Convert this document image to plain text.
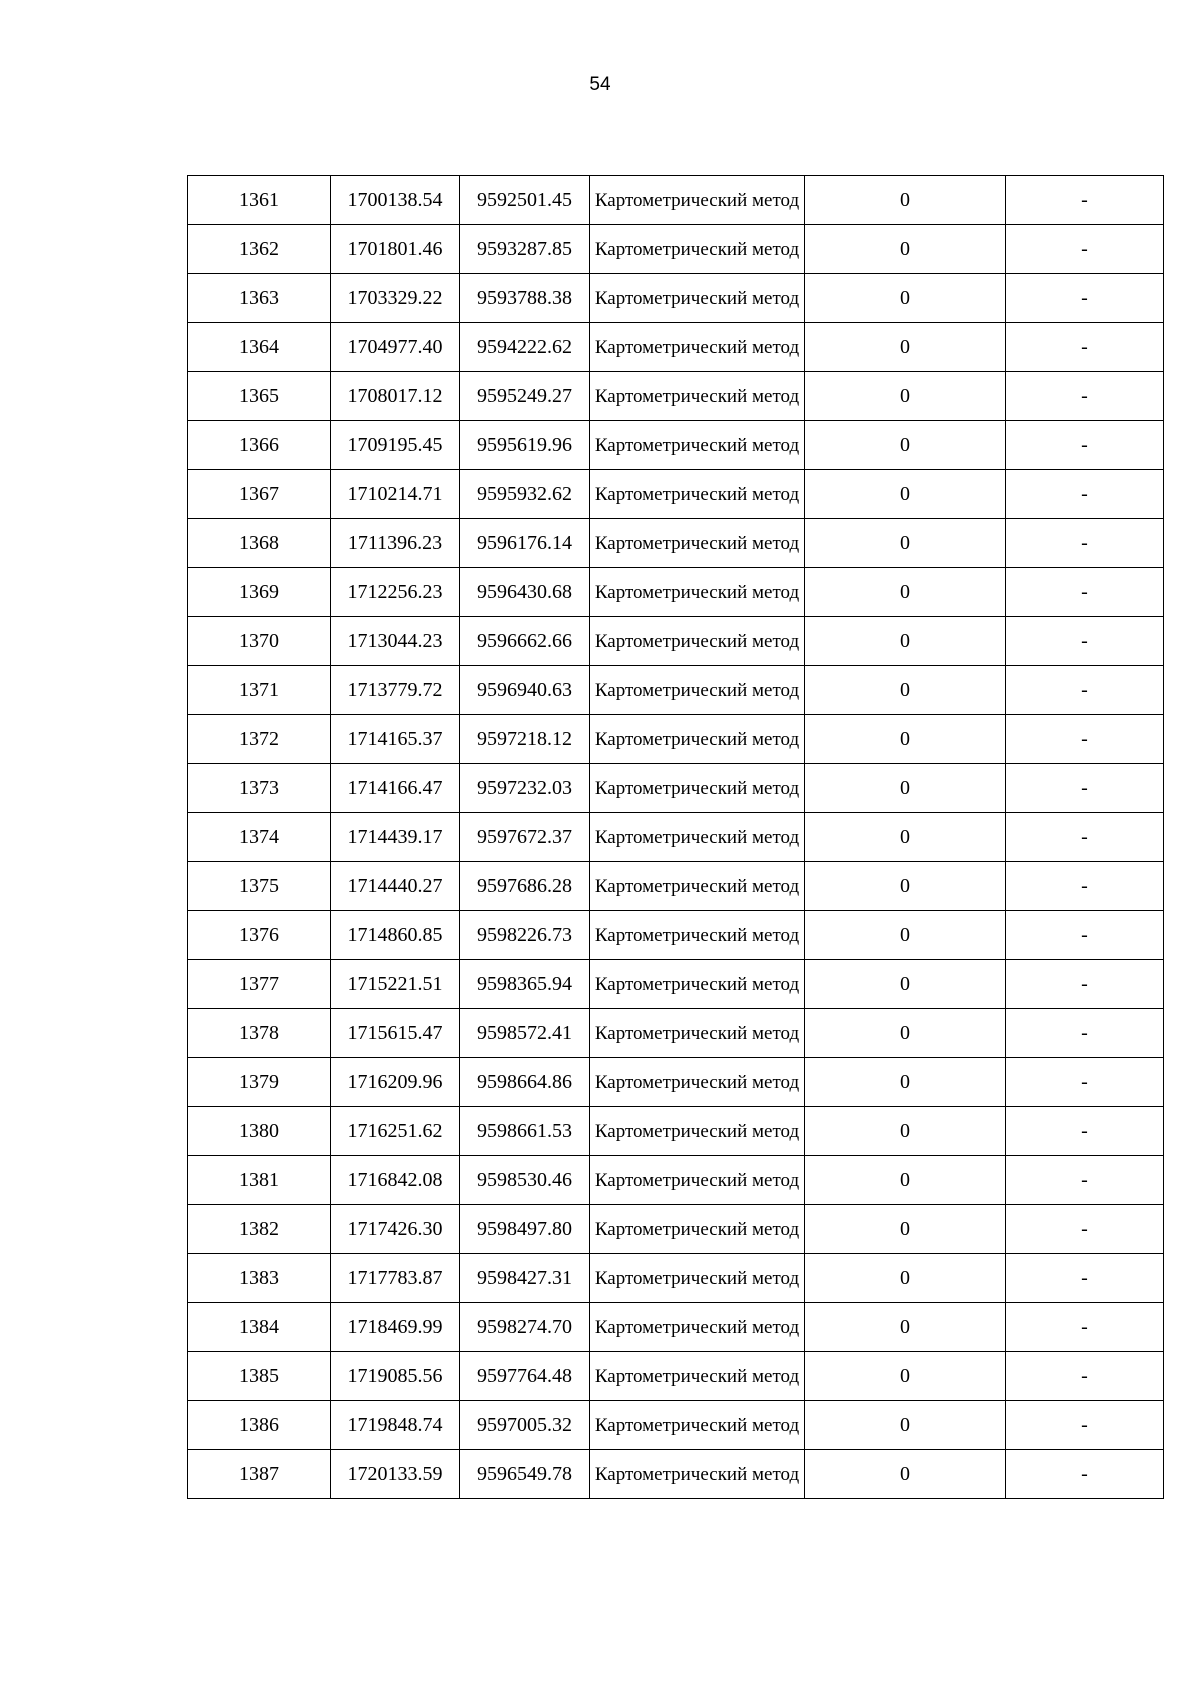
54
1361	1700138.54	9592501.45	Картометрический метод	0	-
1362	1701801.46	9593287.85	Картометрический метод	0	-
1363	1703329.22	9593788.38	Картометрический метод	0	-
1364	1704977.40	9594222.62	Картометрический метод	0	-
1365	1708017.12	9595249.27	Картометрический метод	0	-
1366	1709195.45	9595619.96	Картометрический метод	0	-
1367	1710214.71	9595932.62	Картометрический метод	0	-
1368	1711396.23	9596176.14	Картометрический метод	0	-
1369	1712256.23	9596430.68	Картометрический метод	0	-
1370	1713044.23	9596662.66	Картометрический метод	0	-
1371	1713779.72	9596940.63	Картометрический метод	0	-
1372	1714165.37	9597218.12	Картометрический метод	0	-
1373	1714166.47	9597232.03	Картометрический метод	0	-
1374	1714439.17	9597672.37	Картометрический метод	0	-
1375	1714440.27	9597686.28	Картометрический метод	0	-
1376	1714860.85	9598226.73	Картометрический метод	0	-
1377	1715221.51	9598365.94	Картометрический метод	0	-
1378	1715615.47	9598572.41	Картометрический метод	0	-
1379	1716209.96	9598664.86	Картометрический метод	0	-
1380	1716251.62	9598661.53	Картометрический метод	0	-
1381	1716842.08	9598530.46	Картометрический метод	0	-
1382	1717426.30	9598497.80	Картометрический метод	0	-
1383	1717783.87	9598427.31	Картометрический метод	0	-
1384	1718469.99	9598274.70	Картометрический метод	0	-
1385	1719085.56	9597764.48	Картометрический метод	0	-
1386	1719848.74	9597005.32	Картометрический метод	0	-
1387	1720133.59	9596549.78	Картометрический метод	0	-
